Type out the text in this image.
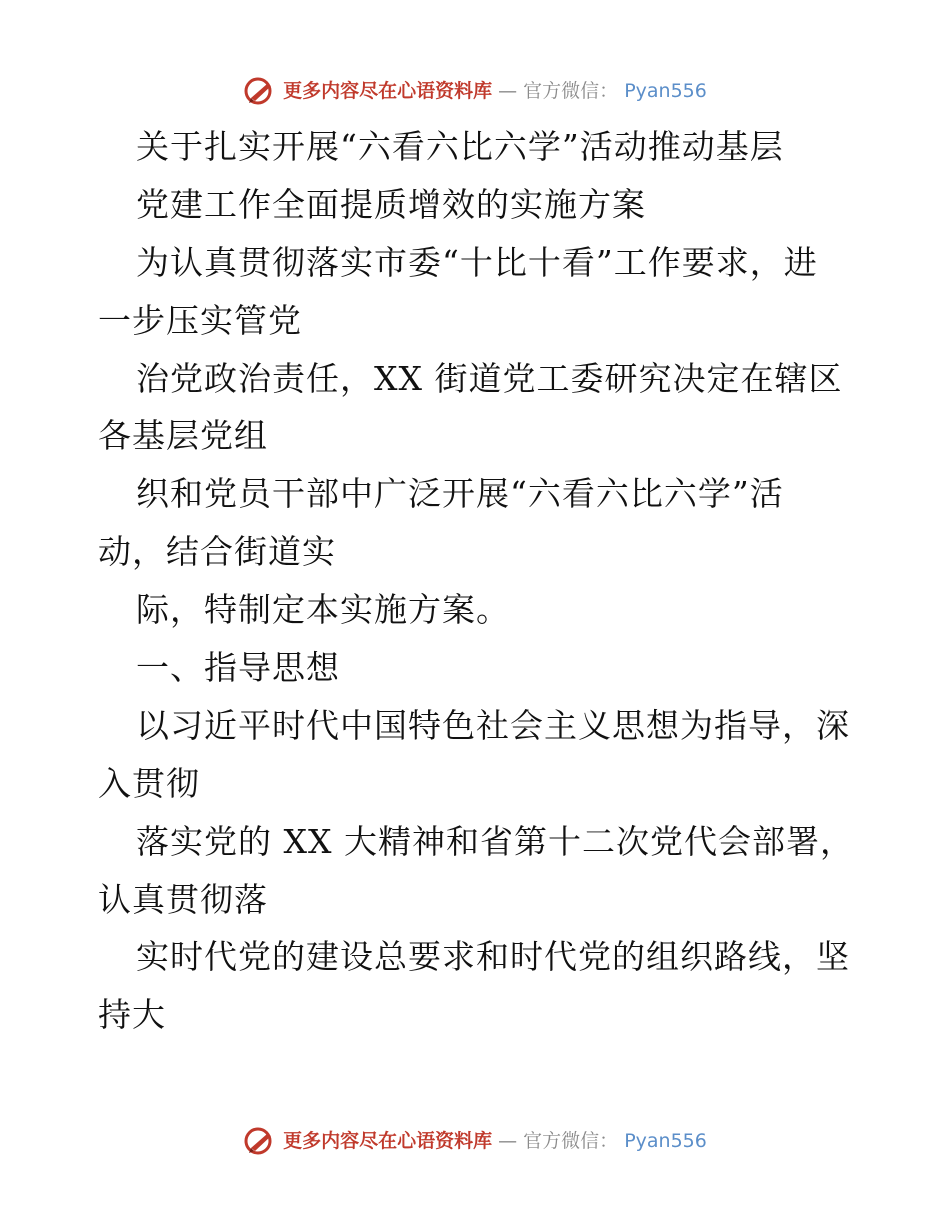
更多内容尽在心语资料库 — 官方微信： Pyan556
关于扎实开展“六看六比六学”活动推动基层
党建工作全面提质增效的实施方案
为认真贯彻落实市委“十比十看”工作要求，进
一步压实管党
治党政治责任，XX 街道党工委研究决定在辖区
各基层党组
织和党员干部中广泛开展“六看六比六学”活
动，结合街道实
际，特制定本实施方案。
一、指导思想
以习近平时代中国特色社会主义思想为指导，深
入贯彻
落实党的 XX 大精神和省第十二次党代会部署，
认真贯彻落
实时代党的建设总要求和时代党的组织路线，坚
持大
更多内容尽在心语资料库 — 官方微信： Pyan556
